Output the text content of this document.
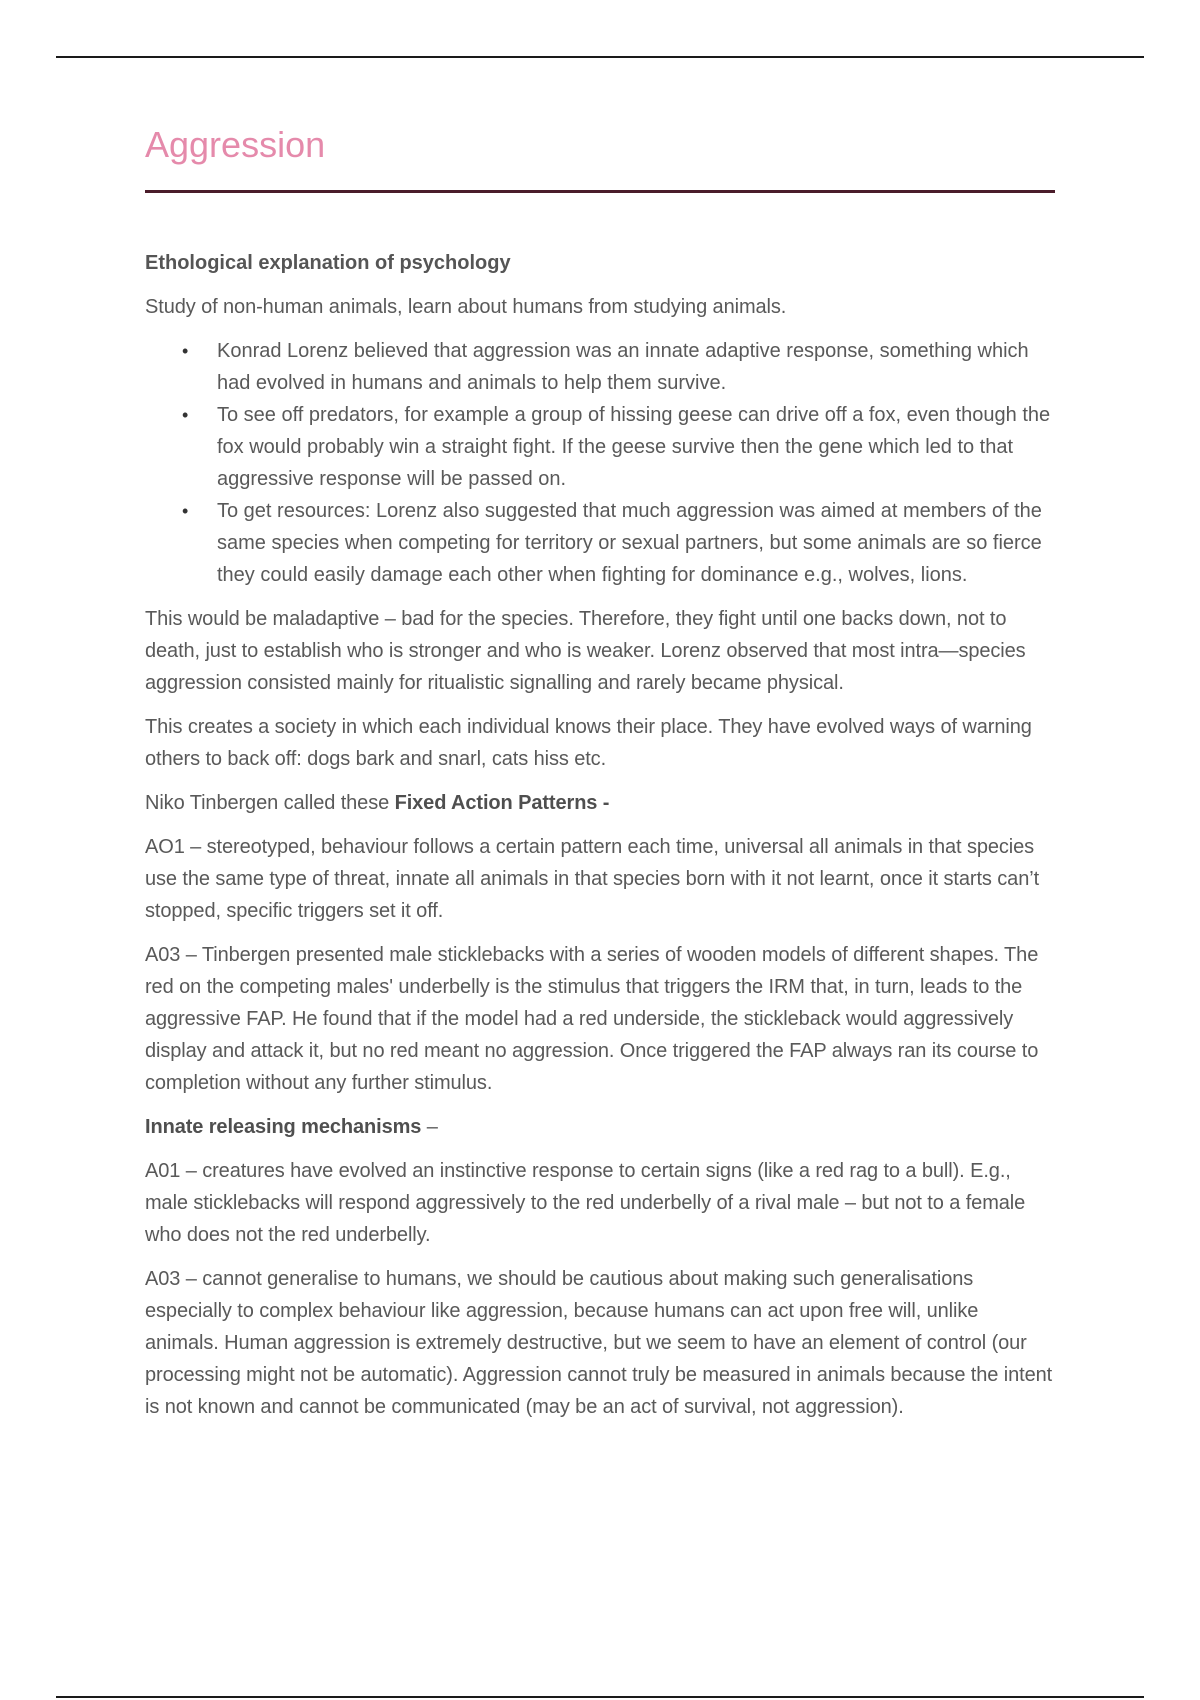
Aggression
Ethological explanation of psychology

Study of non-human animals, learn about humans from studying animals.

• Konrad Lorenz believed that aggression was an innate adaptive response, something which had evolved in humans and animals to help them survive.
• To see off predators, for example a group of hissing geese can drive off a fox, even though the fox would probably win a straight fight. If the geese survive then the gene which led to that aggressive response will be passed on.
• To get resources: Lorenz also suggested that much aggression was aimed at members of the same species when competing for territory or sexual partners, but some animals are so fierce they could easily damage each other when fighting for dominance e.g., wolves, lions.

This would be maladaptive – bad for the species. Therefore, they fight until one backs down, not to death, just to establish who is stronger and who is weaker. Lorenz observed that most intra—species aggression consisted mainly for ritualistic signalling and rarely became physical.

This creates a society in which each individual knows their place. They have evolved ways of warning others to back off: dogs bark and snarl, cats hiss etc.

Niko Tinbergen called these Fixed Action Patterns -

AO1 – stereotyped, behaviour follows a certain pattern each time, universal all animals in that species use the same type of threat, innate all animals in that species born with it not learnt, once it starts can’t stopped, specific triggers set it off.

A03 – Tinbergen presented male sticklebacks with a series of wooden models of different shapes. The red on the competing males' underbelly is the stimulus that triggers the IRM that, in turn, leads to the aggressive FAP. He found that if the model had a red underside, the stickleback would aggressively display and attack it, but no red meant no aggression. Once triggered the FAP always ran its course to completion without any further stimulus.

Innate releasing mechanisms –

A01 – creatures have evolved an instinctive response to certain signs (like a red rag to a bull). E.g., male sticklebacks will respond aggressively to the red underbelly of a rival male – but not to a female who does not the red underbelly.

A03 – cannot generalise to humans, we should be cautious about making such generalisations especially to complex behaviour like aggression, because humans can act upon free will, unlike animals. Human aggression is extremely destructive, but we seem to have an element of control (our processing might not be automatic). Aggression cannot truly be measured in animals because the intent is not known and cannot be communicated (may be an act of survival, not aggression).
